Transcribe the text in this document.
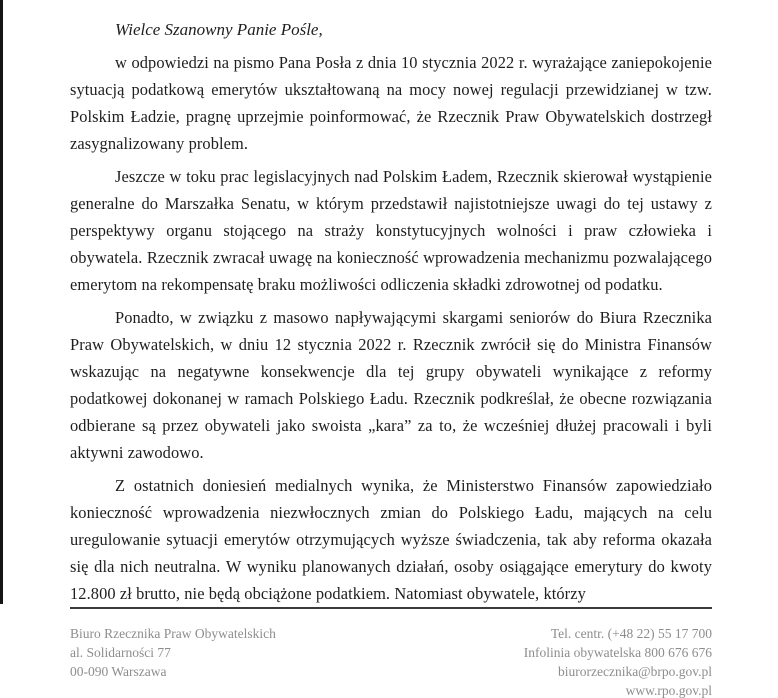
Wielce Szanowny Panie Pośle,

w odpowiedzi na pismo Pana Posła z dnia 10 stycznia 2022 r. wyrażające zaniepokojenie sytuacją podatkową emerytów ukształtowaną na mocy nowej regulacji przewidzianej w tzw. Polskim Ładzie, pragnę uprzejmie poinformować, że Rzecznik Praw Obywatelskich dostrzegł zasygnalizowany problem.

Jeszcze w toku prac legislacyjnych nad Polskim Ładem, Rzecznik skierował wystąpienie generalne do Marszałka Senatu, w którym przedstawił najistotniejsze uwagi do tej ustawy z perspektywy organu stojącego na straży konstytucyjnych wolności i praw człowieka i obywatela. Rzecznik zwracał uwagę na konieczność wprowadzenia mechanizmu pozwalającego emerytom na rekompensatę braku możliwości odliczenia składki zdrowotnej od podatku.

Ponadto, w związku z masowo napływającymi skargami seniorów do Biura Rzecznika Praw Obywatelskich, w dniu 12 stycznia 2022 r. Rzecznik zwrócił się do Ministra Finansów wskazując na negatywne konsekwencje dla tej grupy obywateli wynikające z reformy podatkowej dokonanej w ramach Polskiego Ładu. Rzecznik podkreślał, że obecne rozwiązania odbierane są przez obywateli jako swoista „kara” za to, że wcześniej dłużej pracowali i byli aktywni zawodowo.

Z ostatnich doniesień medialnych wynika, że Ministerstwo Finansów zapowiedziało konieczność wprowadzenia niezwłocznych zmian do Polskiego Ładu, mających na celu uregulowanie sytuacji emerytów otrzymujących wyższe świadczenia, tak aby reforma okazała się dla nich neutralna. W wyniku planowanych działań, osoby osiągające emerytury do kwoty 12.800 zł brutto, nie będą obciążone podatkiem. Natomiast obywatele, którzy

Biuro Rzecznika Praw Obywatelskich
al. Solidarności 77
00-090 Warszawa
Tel. centr. (+48 22) 55 17 700
Infolinia obywatelska 800 676 676
biurorzecznika@brpo.gov.pl
www.rpo.gov.pl
